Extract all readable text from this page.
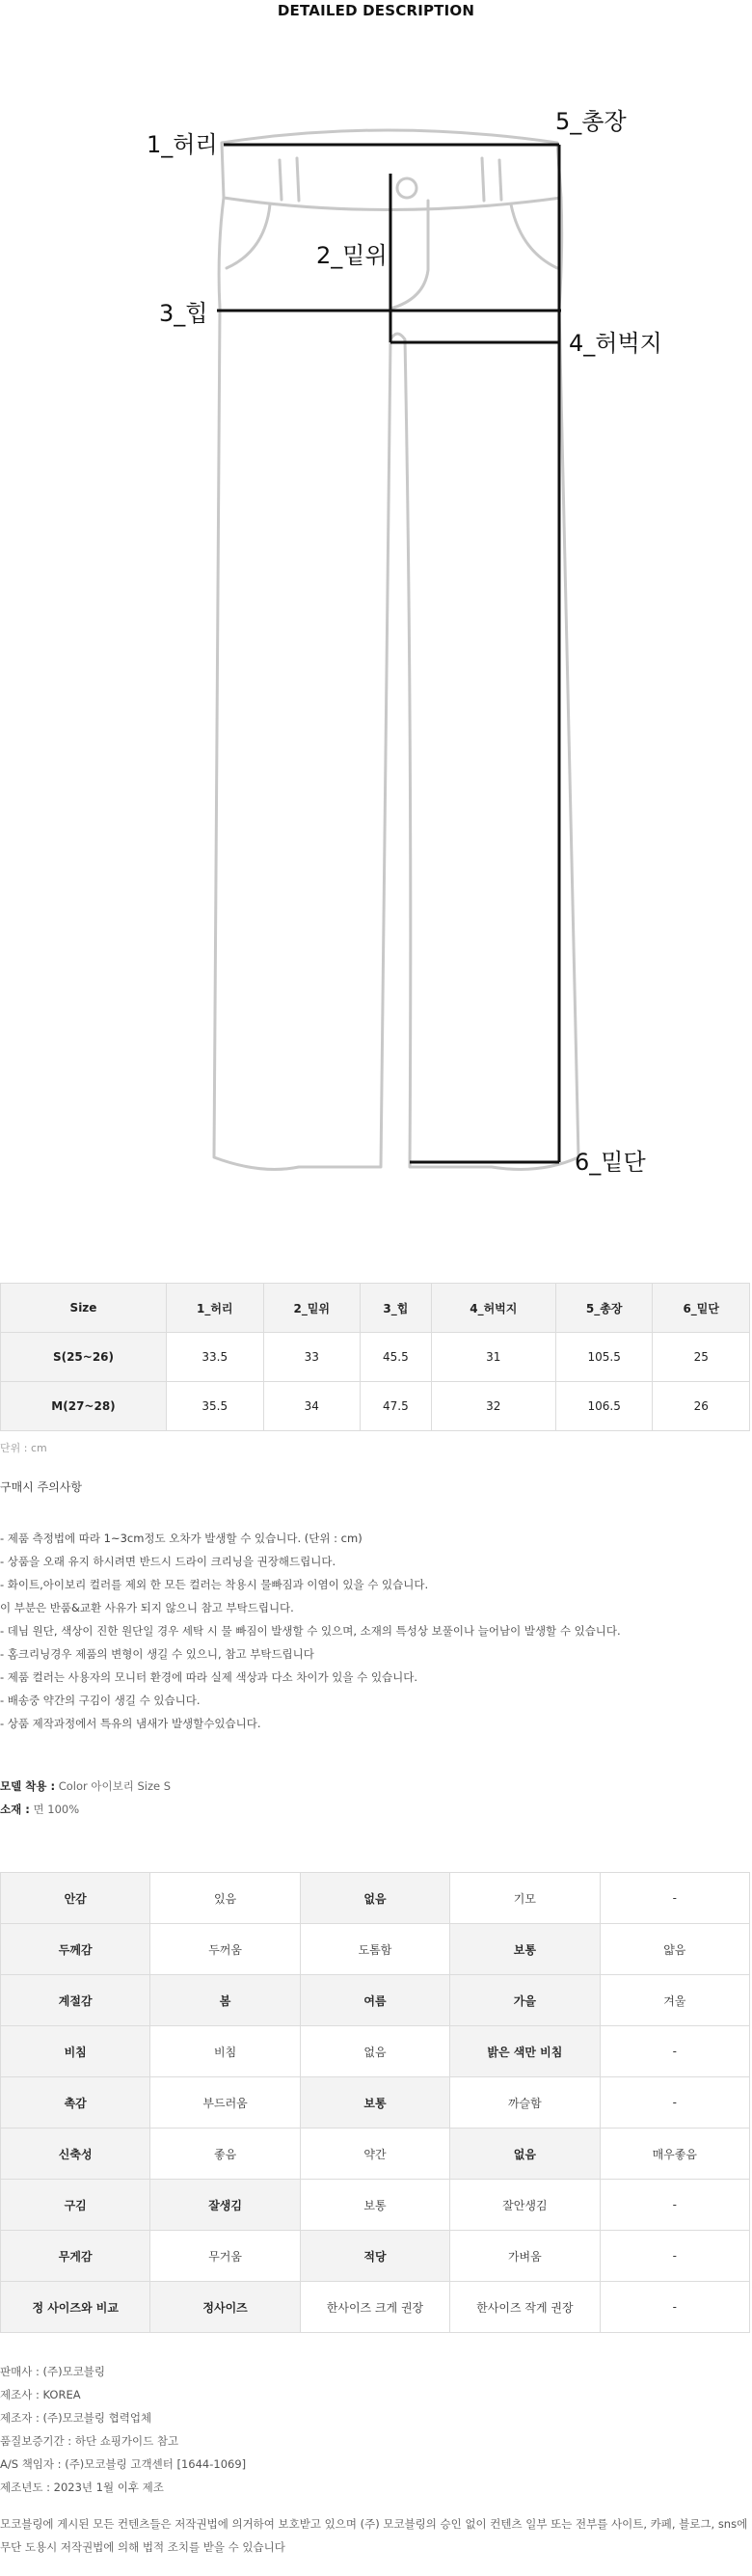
DETAILED DESCRIPTION
1_허리
2_밑위
3_힙
4_허벅지
5_총장
6_밑단
Size	1_허리	2_밑위	3_힙	4_허벅지	5_총장	6_밑단
S(25~26)	33.5	33	45.5	31	105.5	25
M(27~28)	35.5	34	47.5	32	106.5	26
단위 : cm
구매시 주의사항
- 제품 측정법에 따라 1~3cm정도 오차가 발생할 수 있습니다. (단위 : cm)
- 상품을 오래 유지 하시려면 반드시 드라이 크리닝을 권장해드립니다.
- 화이트,아이보리 컬러를 제외 한 모든 컬러는 착용시 물빠짐과 이염이 있을 수 있습니다.
이 부분은 반품&교환 사유가 되지 않으니 참고 부탁드립니다.
- 데님 원단, 색상이 진한 원단일 경우 세탁 시 물 빠짐이 발생할 수 있으며, 소재의 특성상 보풀이나 늘어남이 발생할 수 있습니다.
- 홈크리닝경우 제품의 변형이 생길 수 있으니, 참고 부탁드립니다
- 제품 컬러는 사용자의 모니터 환경에 따라 실제 색상과 다소 차이가 있을 수 있습니다.
- 배송중 약간의 구김이 생길 수 있습니다.
- 상품 제작과정에서 특유의 냄새가 발생할수있습니다.
모델 착용 : Color 아이보리 Size S
소재 : 면 100%
안감	있음	없음	기모	-
두께감	두꺼움	도톰함	보통	얇음
계절감	봄	여름	가을	겨울
비침	비침	없음	밝은 색만 비침	-
촉감	부드러움	보통	까슬함	-
신축성	좋음	약간	없음	매우좋음
구김	잘생김	보통	잘안생김	-
무게감	무거움	적당	가벼움	-
정 사이즈와 비교	정사이즈	한사이즈 크게 권장	한사이즈 작게 권장	-
판매사 : (주)모코블링
제조사 : KOREA
제조자 : (주)모코블링 협력업체
품질보증기간 : 하단 쇼핑가이드 참고
A/S 책임자 : (주)모코블링 고객센터 [1644-1069]
제조년도 : 2023년 1월 이후 제조
모코블링에 게시된 모든 컨텐츠들은 저작권법에 의거하여 보호받고 있으며 (주) 모코블링의 승인 없이 컨텐츠 일부 또는 전부를 사이트, 카페, 블로그, sns에
무단 도용시 저작권법에 의해 법적 조치를 받을 수 있습니다
